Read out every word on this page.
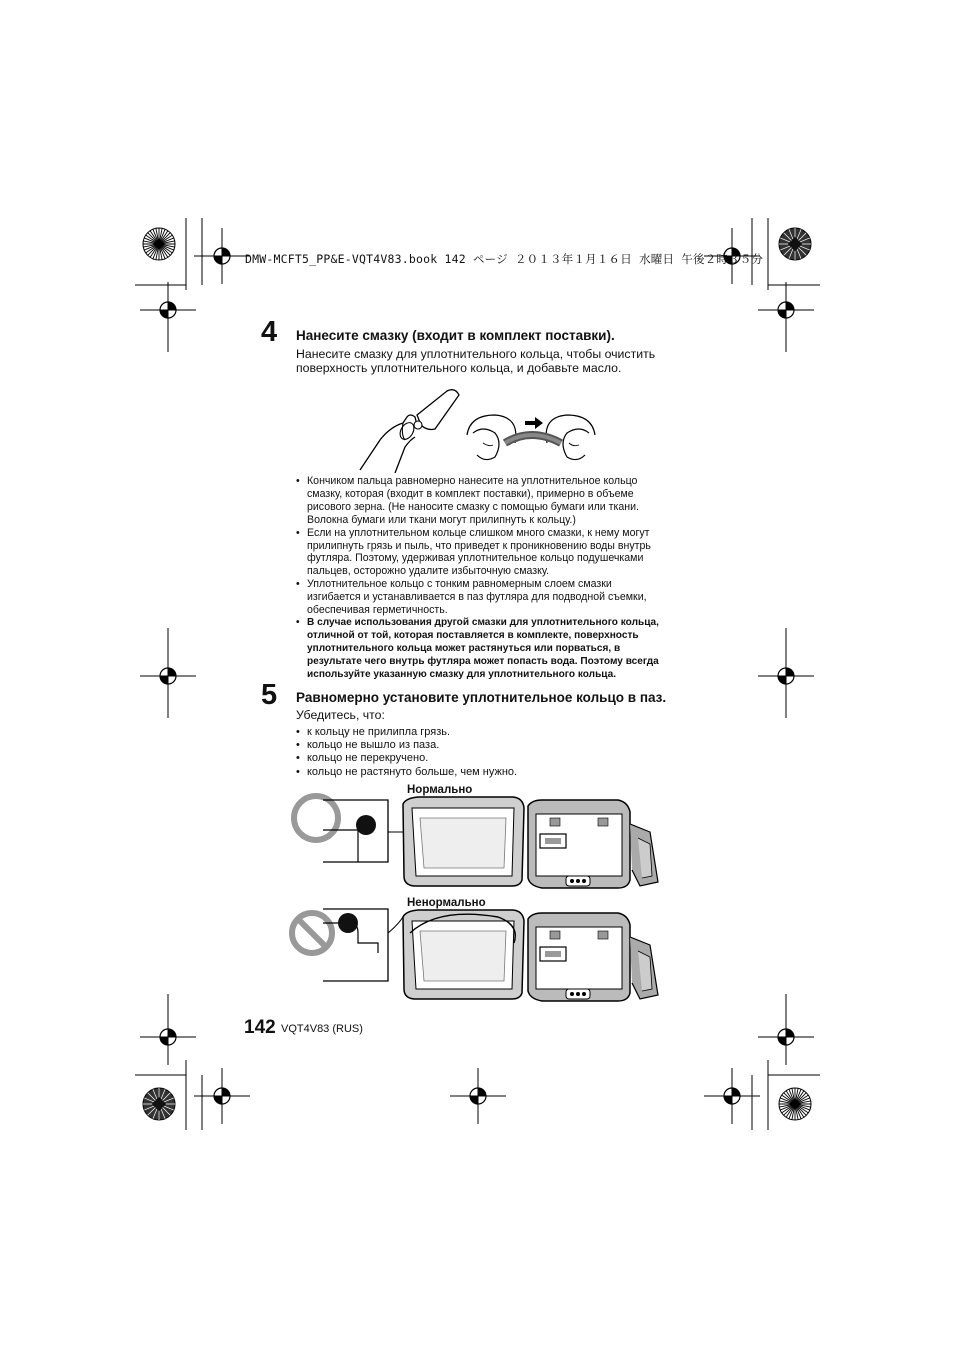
DMW-MCFT5_PP&E-VQT4V83.book 142 ページ ２０１３年１月１６日 水曜日 午後２時３５分
4 Нанесите смазку (входит в комплект поставки).
Нанесите смазку для уплотнительного кольца, чтобы очистить
поверхность уплотнительного кольца, и добавьте масло.
• Кончиком пальца равномерно нанесите на уплотнительное кольцо
смазку, которая (входит в комплект поставки), примерно в объеме
рисового зерна. (Не наносите смазку с помощью бумаги или ткани.
Волокна бумаги или ткани могут прилипнуть к кольцу.)
• Если на уплотнительном кольце слишком много смазки, к нему могут
прилипнуть грязь и пыль, что приведет к проникновению воды внутрь
футляра. Поэтому, удерживая уплотнительное кольцо подушечками
пальцев, осторожно удалите избыточную смазку.
• Уплотнительное кольцо с тонким равномерным слоем смазки
изгибается и устанавливается в паз футляра для подводной съемки,
обеспечивая герметичность.
• В случае использования другой смазки для уплотнительного кольца,
отличной от той, которая поставляется в комплекте, поверхность
уплотнительного кольца может растянуться или порваться, в
результате чего внутрь футляра может попасть вода. Поэтому всегда
используйте указанную смазку для уплотнительного кольца.
5 Равномерно установите уплотнительное кольцо в паз.
Убедитесь, что:
• к кольцу не прилипла грязь.
• кольцо не вышло из паза.
• кольцо не перекручено.
• кольцо не растянуто больше, чем нужно.
Нормально
Ненормально
142 VQT4V83 (RUS)
